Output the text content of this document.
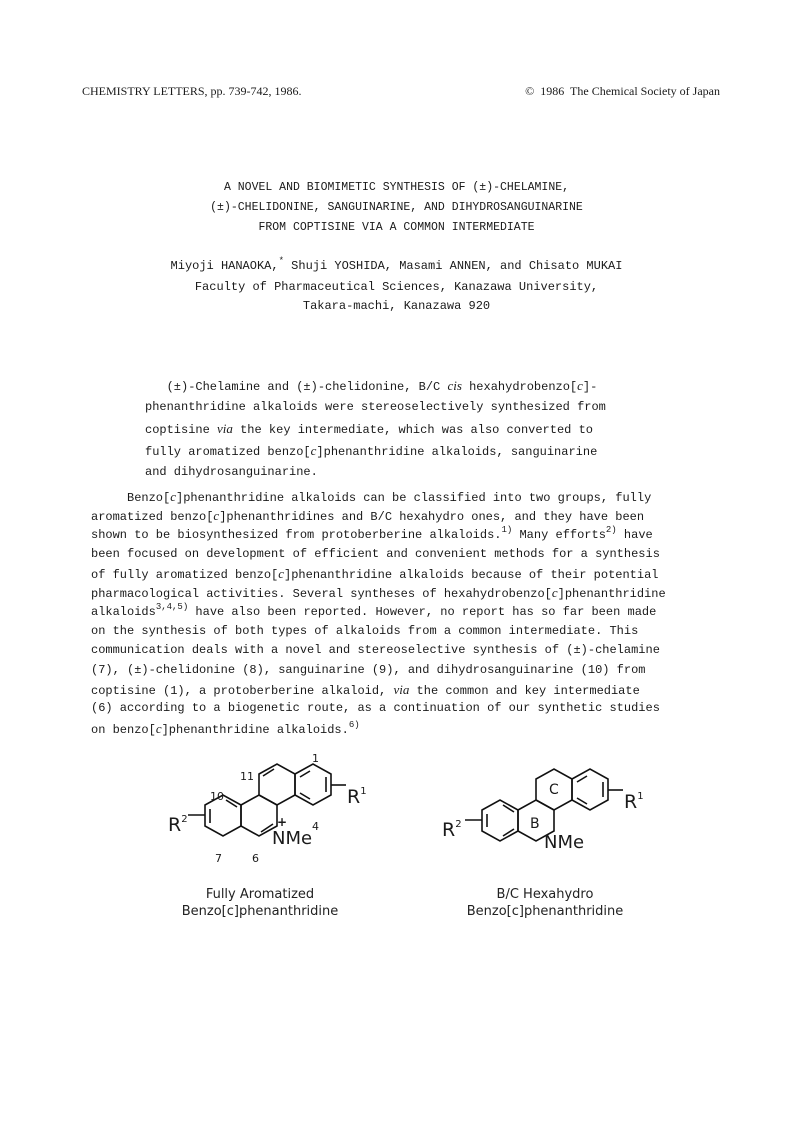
CHEMISTRY LETTERS, pp. 739-742, 1986.	©  1986  The Chemical Society of Japan
A NOVEL AND BIOMIMETIC SYNTHESIS OF (±)-CHELAMINE,
(±)-CHELIDONINE, SANGUINARINE, AND DIHYDROSANGUINARINE
FROM COPTISINE VIA A COMMON INTERMEDIATE
Miyoji HANAOKA,* Shuji YOSHIDA, Masami ANNEN, and Chisato MUKAI
Faculty of Pharmaceutical Sciences, Kanazawa University,
Takara-machi, Kanazawa 920
(±)-Chelamine and (±)-chelidonine, B/C cis hexahydrobenzo[c]-
phenanthridine alkaloids were stereoselectively synthesized from
coptisine via the key intermediate, which was also converted to
fully aromatized benzo[c]phenanthridine alkaloids, sanguinarine
and dihydrosanguinarine.
Benzo[c]phenanthridine alkaloids can be classified into two groups, fully
aromatized benzo[c]phenanthridines and B/C hexahydro ones, and they have been
shown to be biosynthesized from protoberberine alkaloids.$^{1)}$ Many efforts$^{2)}$ have
been focused on development of efficient and convenient methods for a synthesis
of fully aromatized benzo[c]phenanthridine alkaloids because of their potential
pharmacological activities. Several syntheses of hexahydrobenzo[c]phenanthridine
alkaloids$^{3,4,5)}$ have also been reported. However, no report has so far been made
on the synthesis of both types of alkaloids from a common intermediate. This
communication deals with a novel and stereoselective synthesis of (±)-chelamine
(7), (±)-chelidonine (8), sanguinarine (9), and dihydrosanguinarine (10) from
coptisine (1), a protoberberine alkaloid, via the common and key intermediate
(6) according to a biogenetic route, as a continuation of our synthetic studies
on benzo[c]phenanthridine alkaloids.$^{6)}$
1
11
10
7	6
4
$R^2$
$R^1$
+
NMe
C
B
$R^2$
$R^1$
NMe
Fully Aromatized
Benzo[c]phenanthridine
B/C Hexahydro
Benzo[c]phenanthridine
